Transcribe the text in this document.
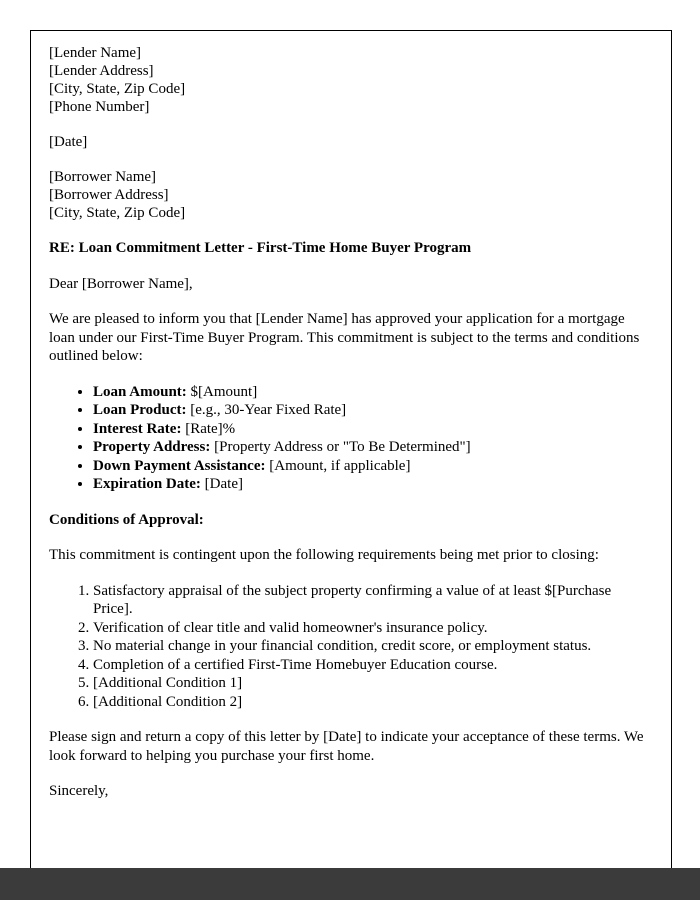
[Lender Name]
[Lender Address]
[City, State, Zip Code]
[Phone Number]
[Date]
[Borrower Name]
[Borrower Address]
[City, State, Zip Code]

RE: Loan Commitment Letter - First-Time Home Buyer Program

Dear [Borrower Name],

We are pleased to inform you that [Lender Name] has approved your application for a mortgage loan under our First-Time Buyer Program. This commitment is subject to the terms and conditions outlined below:

• Loan Amount: $[Amount]
• Loan Product: [e.g., 30-Year Fixed Rate]
• Interest Rate: [Rate]%
• Property Address: [Property Address or "To Be Determined"]
• Down Payment Assistance: [Amount, if applicable]
• Expiration Date: [Date]

Conditions of Approval:

This commitment is contingent upon the following requirements being met prior to closing:

1. Satisfactory appraisal of the subject property confirming a value of at least $[Purchase Price].
2. Verification of clear title and valid homeowner's insurance policy.
3. No material change in your financial condition, credit score, or employment status.
4. Completion of a certified First-Time Homebuyer Education course.
5. [Additional Condition 1]
6. [Additional Condition 2]

Please sign and return a copy of this letter by [Date] to indicate your acceptance of these terms. We look forward to helping you purchase your first home.

Sincerely,
